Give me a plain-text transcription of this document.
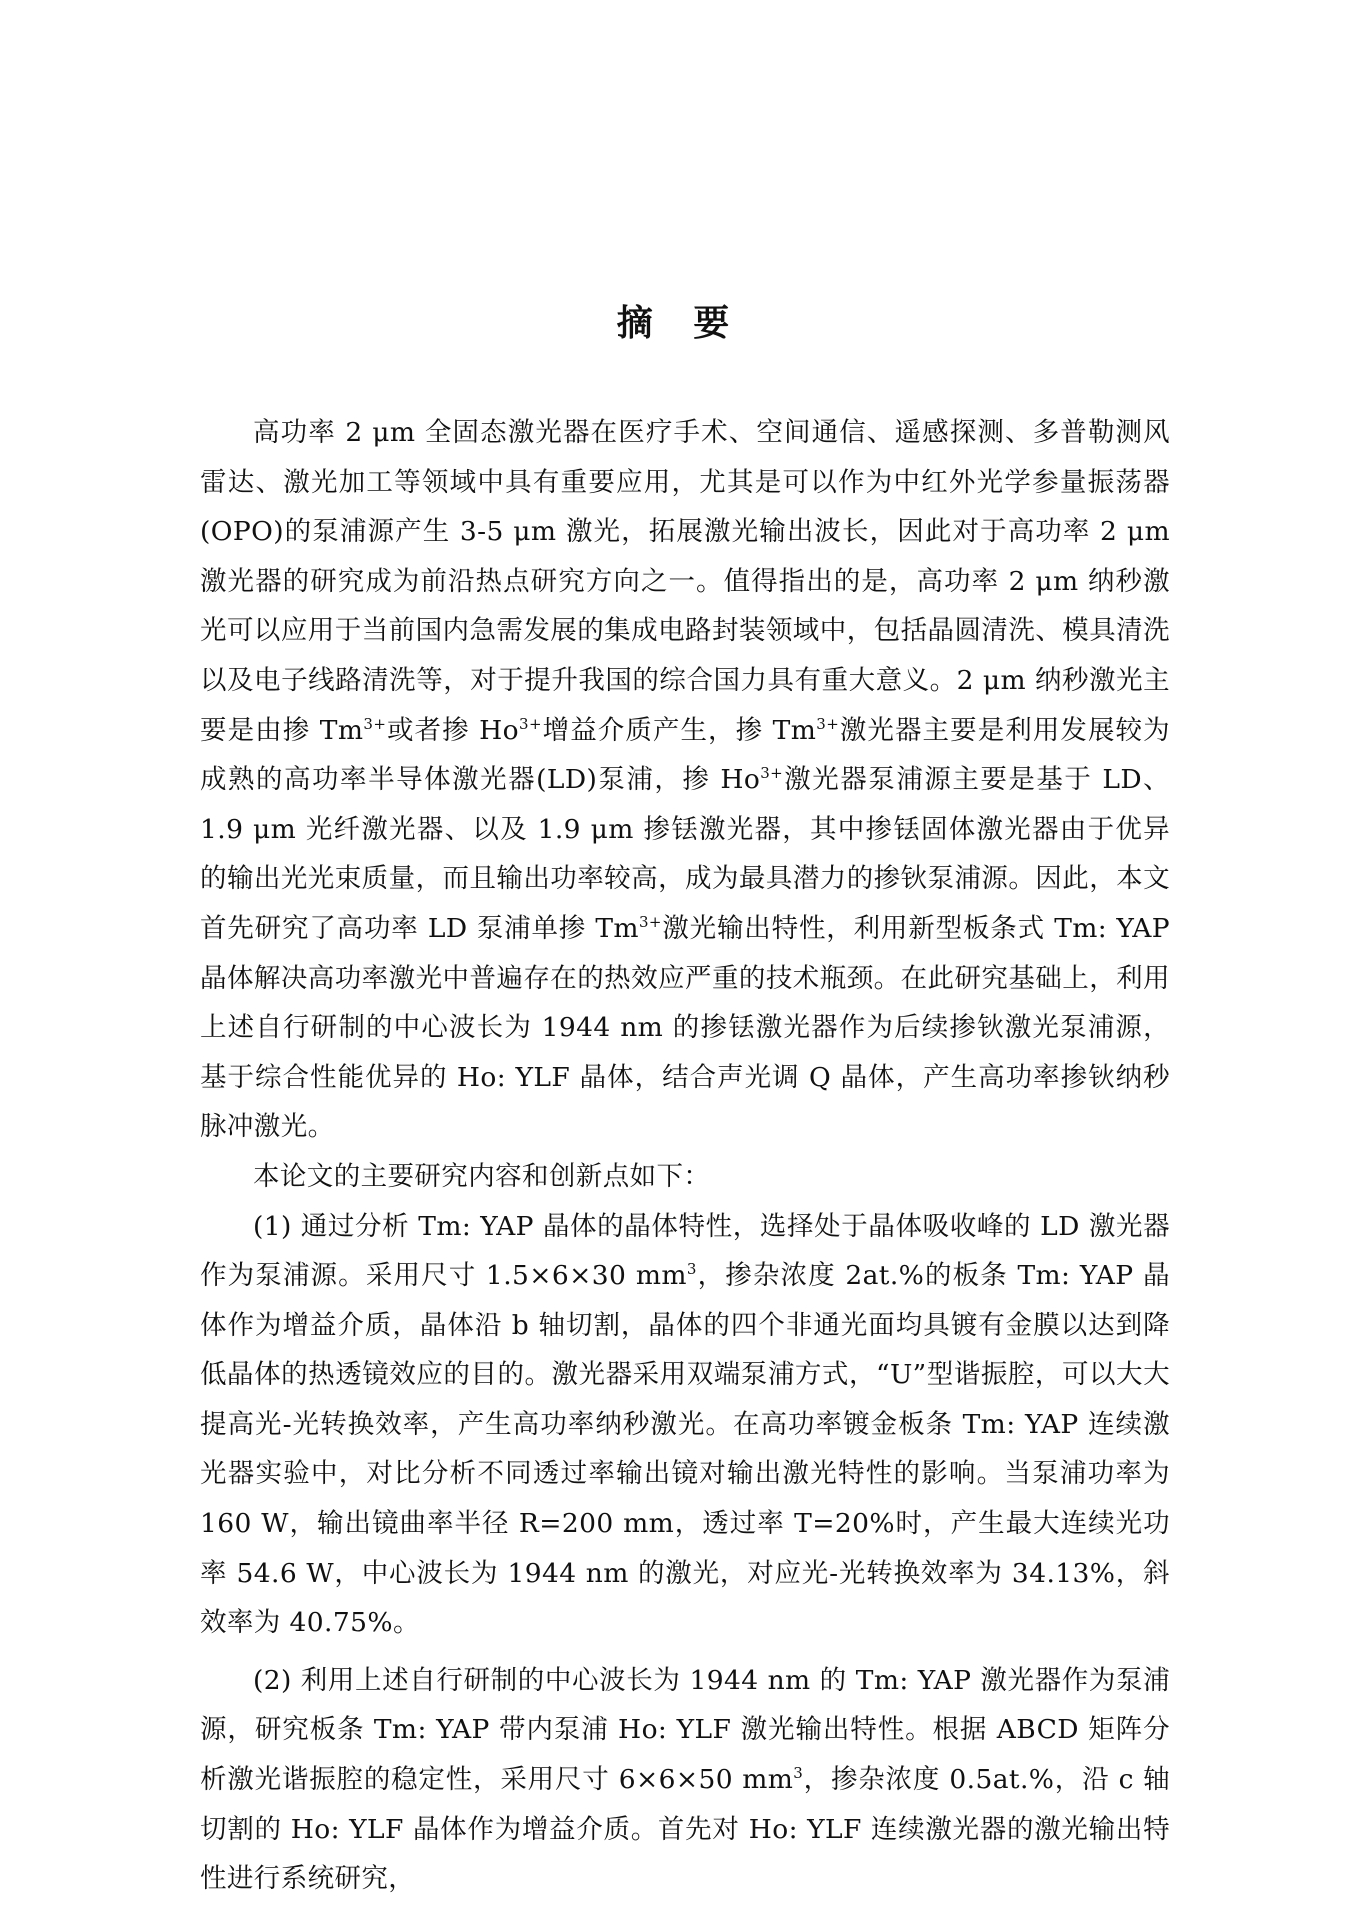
摘 要

高功率 2 μm 全固态激光器在医疗手术、空间通信、遥感探测、多普勒测风雷达、激光加工等领域中具有重要应用，尤其是可以作为中红外光学参量振荡器(OPO)的泵浦源产生 3-5 μm 激光，拓展激光输出波长，因此对于高功率 2 μm 激光器的研究成为前沿热点研究方向之一。值得指出的是，高功率 2 μm 纳秒激光可以应用于当前国内急需发展的集成电路封装领域中，包括晶圆清洗、模具清洗以及电子线路清洗等，对于提升我国的综合国力具有重大意义。2 μm 纳秒激光主要是由掺 $Tm^{3+}$或者掺 $Ho^{3+}$增益介质产生，掺 $Tm^{3+}$激光器主要是利用发展较为成熟的高功率半导体激光器(LD)泵浦，掺 $Ho^{3+}$激光器泵浦源主要是基于 LD、1.9 μm 光纤激光器、以及 1.9 μm 掺铥激光器，其中掺铥固体激光器由于优异的输出光光束质量，而且输出功率较高，成为最具潜力的掺钬泵浦源。因此，本文首先研究了高功率 LD 泵浦单掺 $Tm^{3+}$激光输出特性，利用新型板条式 Tm: YAP 晶体解决高功率激光中普遍存在的热效应严重的技术瓶颈。在此研究基础上，利用上述自行研制的中心波长为 1944 nm 的掺铥激光器作为后续掺钬激光泵浦源，基于综合性能优异的 Ho: YLF 晶体，结合声光调 Q 晶体，产生高功率掺钬纳秒脉冲激光。

本论文的主要研究内容和创新点如下：

(1) 通过分析 Tm: YAP 晶体的晶体特性，选择处于晶体吸收峰的 LD 激光器作为泵浦源。采用尺寸 1.5×6×30 $mm^3$，掺杂浓度 2at.%的板条 Tm: YAP 晶体作为增益介质，晶体沿 b 轴切割，晶体的四个非通光面均具镀有金膜以达到降低晶体的热透镜效应的目的。激光器采用双端泵浦方式，“U”型谐振腔，可以大大提高光-光转换效率，产生高功率纳秒激光。在高功率镀金板条 Tm: YAP 连续激光器实验中，对比分析不同透过率输出镜对输出激光特性的影响。当泵浦功率为 160 W，输出镜曲率半径 R=200 mm，透过率 T=20%时，产生最大连续光功率 54.6 W，中心波长为 1944 nm 的激光，对应光-光转换效率为 34.13%，斜效率为 40.75%。

(2) 利用上述自行研制的中心波长为 1944 nm 的 Tm: YAP 激光器作为泵浦源，研究板条 Tm: YAP 带内泵浦 Ho: YLF 激光输出特性。根据 ABCD 矩阵分析激光谐振腔的稳定性，采用尺寸 6×6×50 $mm^3$，掺杂浓度 0.5at.%，沿 c 轴切割的 Ho: YLF 晶体作为增益介质。首先对 Ho: YLF 连续激光器的激光输出特性进行系统研究，
